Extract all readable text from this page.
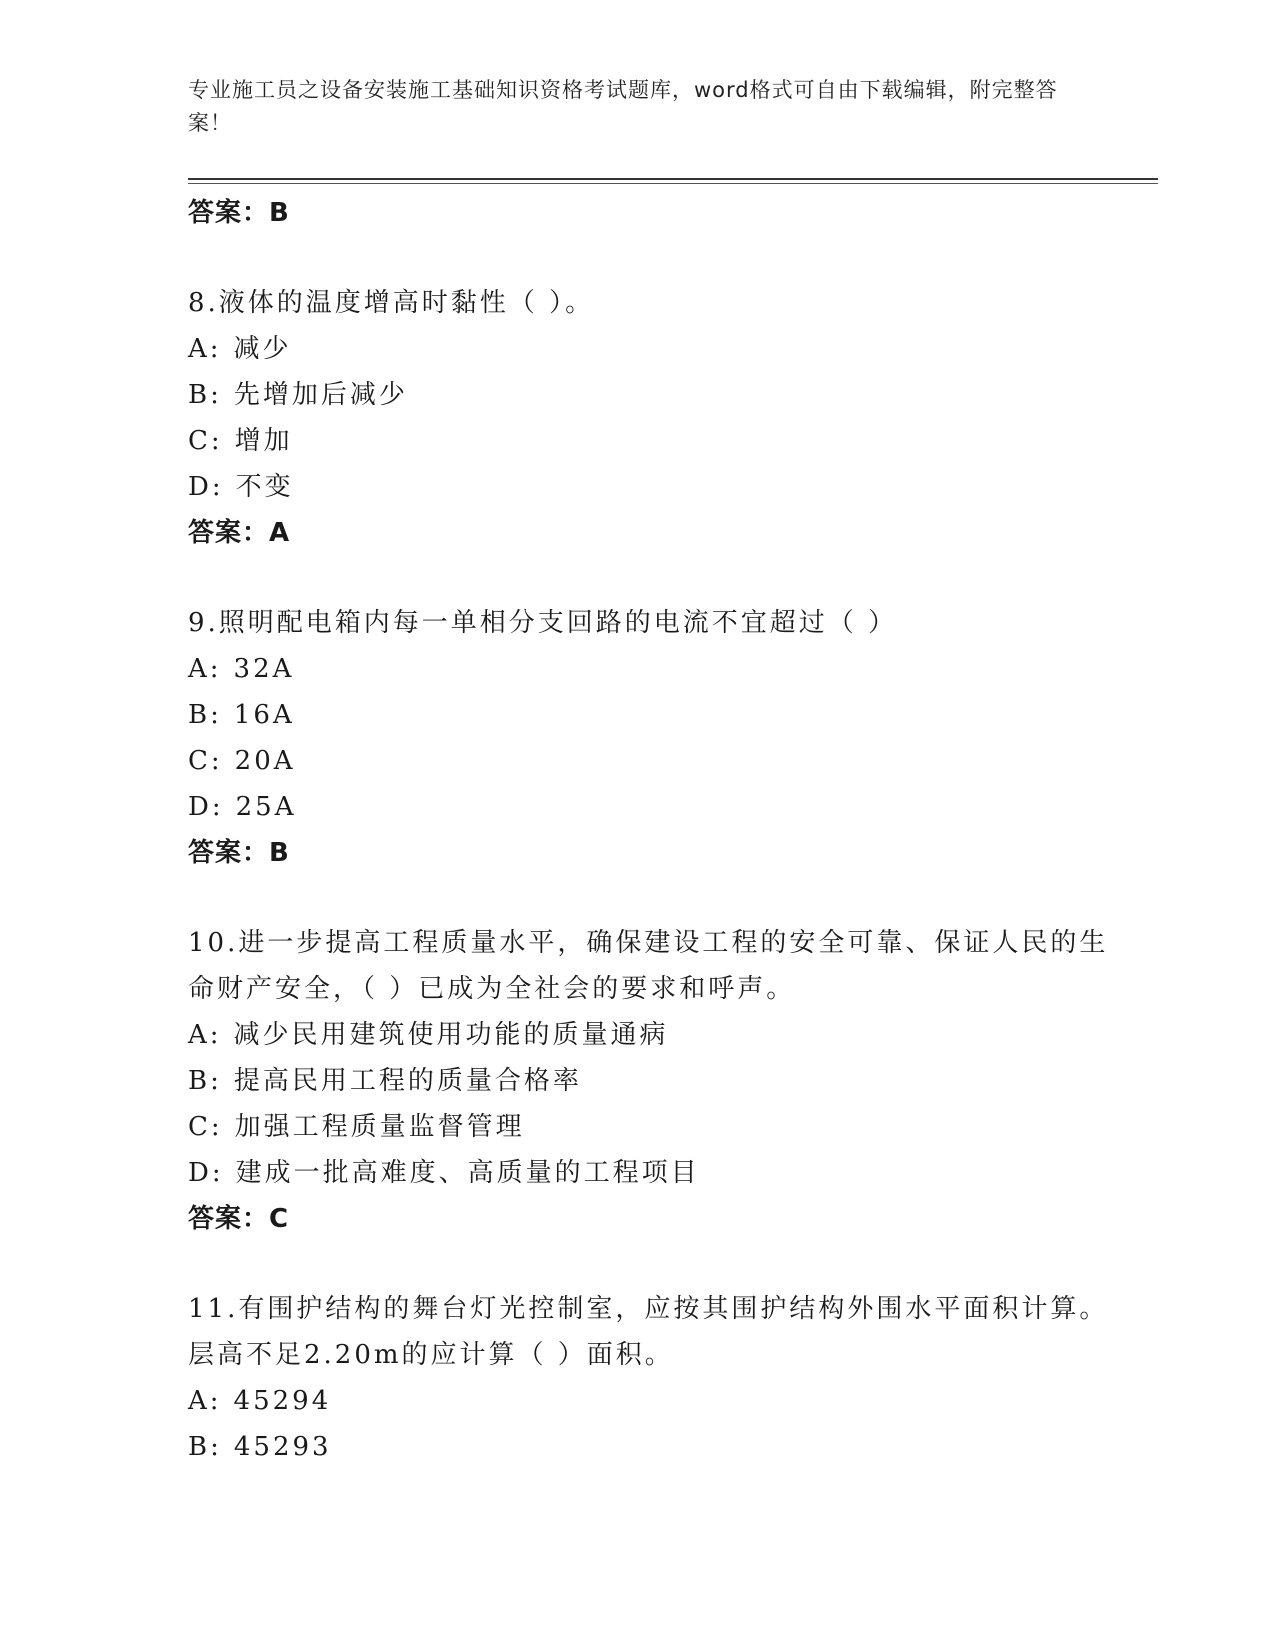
专业施工员之设备安装施工基础知识资格考试题库，word格式可自由下载编辑，附完整答案！
答案：B
8.液体的温度增高时黏性（ ）。
A: 减少
B: 先增加后减少
C: 增加
D: 不变
答案：A
9.照明配电箱内每一单相分支回路的电流不宜超过（ ）
A: 32A
B: 16A
C: 20A
D: 25A
答案：B
10.进一步提高工程质量水平，确保建设工程的安全可靠、保证人民的生命财产安全，（ ）已成为全社会的要求和呼声。
A: 减少民用建筑使用功能的质量通病
B: 提高民用工程的质量合格率
C: 加强工程质量监督管理
D: 建成一批高难度、高质量的工程项目
答案：C
11.有围护结构的舞台灯光控制室，应按其围护结构外围水平面积计算。层高不足2.20m的应计算（ ）面积。
A: 45294
B: 45293
